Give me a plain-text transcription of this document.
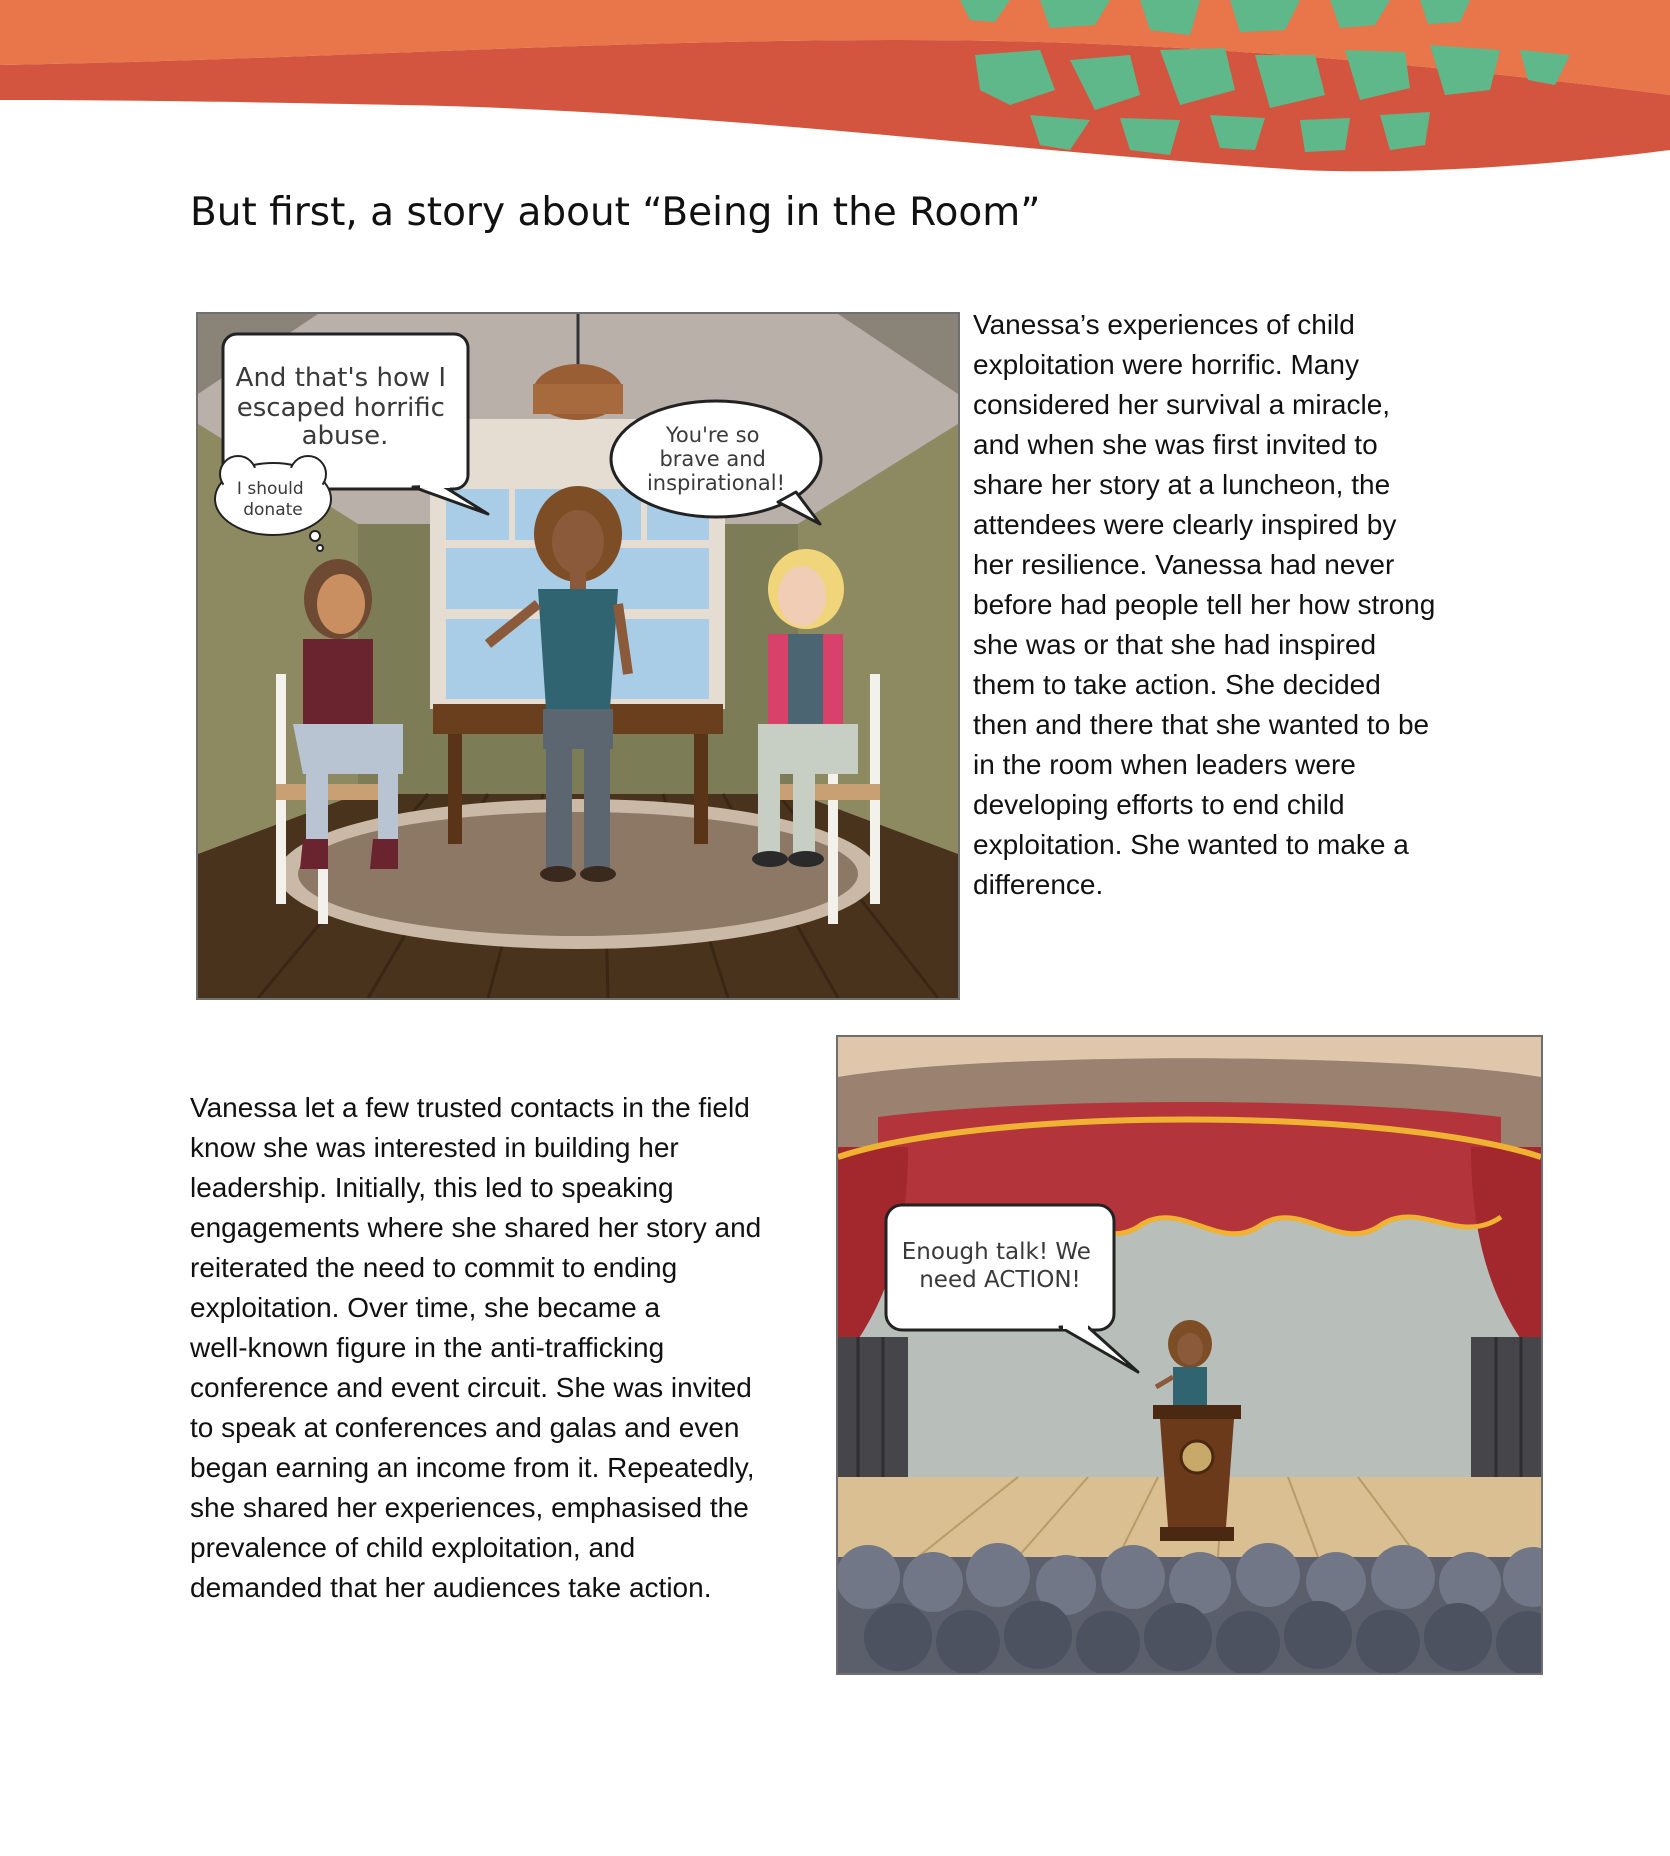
But first, a story about “Being in the Room”
And that's how I escaped horrific abuse.	You're so brave and inspirational!
I should donate

Vanessa’s experiences of child
exploitation were horrific. Many
considered her survival a miracle,
and when she was first invited to
share her story at a luncheon, the
attendees were clearly inspired by
her resilience. Vanessa had never
before had people tell her how strong
she was or that she had inspired
them to take action. She decided
then and there that she wanted to be
in the room when leaders were
developing efforts to end child
exploitation. She wanted to make a
difference.

Vanessa let a few trusted contacts in the field
know she was interested in building her
leadership. Initially, this led to speaking
engagements where she shared her story and
reiterated the need to commit to ending
exploitation. Over time, she became a
well-known figure in the anti-trafficking
conference and event circuit. She was invited
to speak at conferences and galas and even
began earning an income from it. Repeatedly,
she shared her experiences, emphasised the
prevalence of child exploitation, and
demanded that her audiences take action.

Enough talk! We need ACTION!
